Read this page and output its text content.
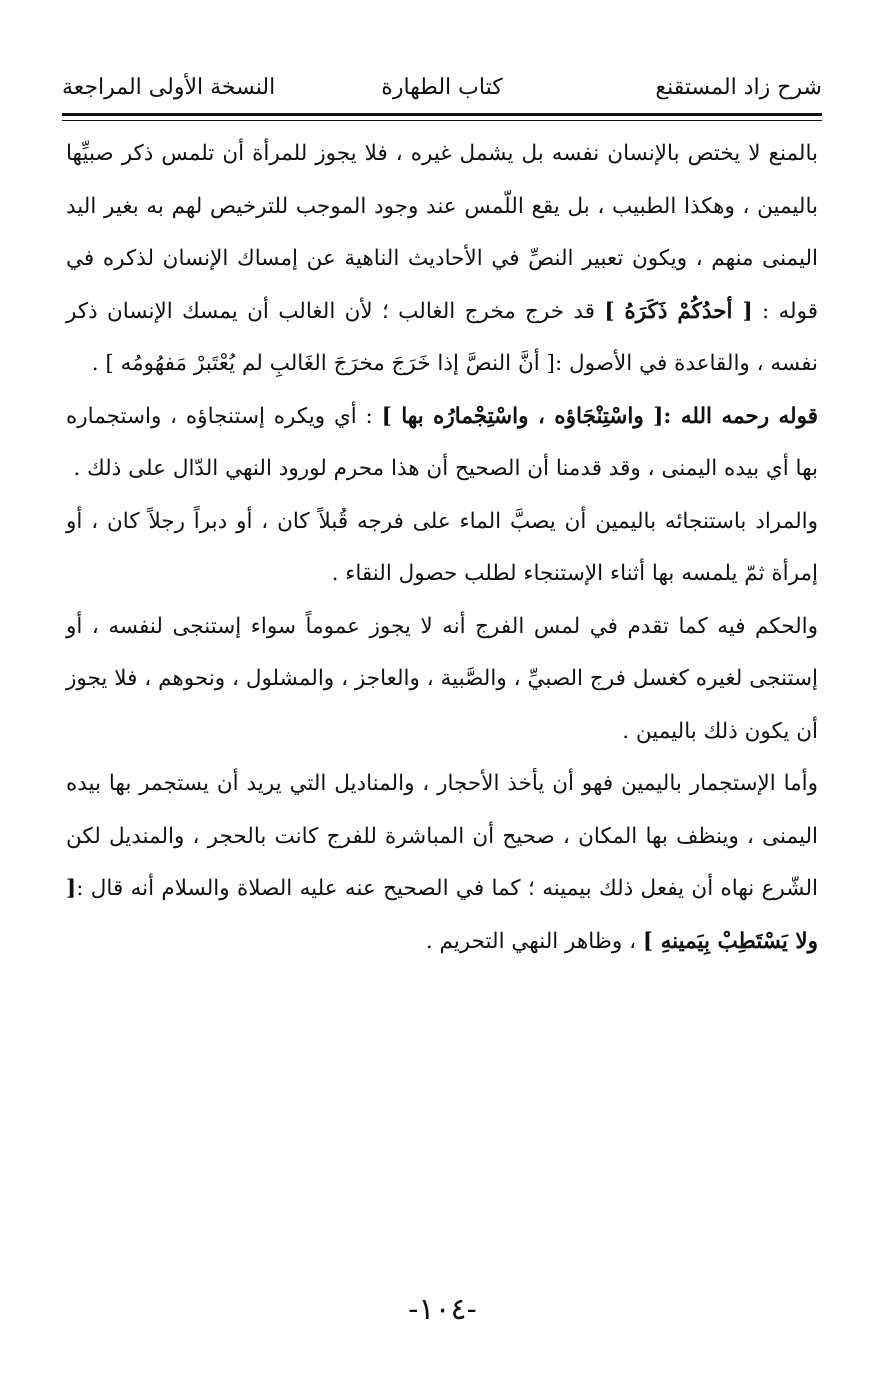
شرح زاد المستقنع
كتاب الطهارة
النسخة الأولى المراجعة

بالمنع لا يختص بالإنسان نفسه بل يشمل غيره ، فلا يجوز للمرأة أن تلمس ذكر صبيِّها باليمين ، وهكذا الطبيب ، بل يقع اللّمس عند وجود الموجب للترخيص لهم به بغير اليد اليمنى منهم ، ويكون تعبير النصِّ في الأحاديث الناهية عن إمساك الإنسان لذكره في قوله : [ أحدُكُمْ ذَكَرَهُ ] قد خرج مخرج الغالب ؛ لأن الغالب أن يمسك الإنسان ذكر نفسه ، والقاعدة في الأصول :[ أنَّ النصَّ إذا خَرَجَ مخرَجَ الغَالبِ لم يُعْتَبرْ مَفهُومُه ] .

قوله رحمه الله :[ واسْتِنْجَاؤه ، واسْتِجْمارُه بها ] : أي ويكره إستنجاؤه ، واستجماره بها أي بيده اليمنى ، وقد قدمنا أن الصحيح أن هذا محرم لورود النهي الدّال على ذلك .

والمراد باستنجائه باليمين أن يصبَّ الماء على فرجه قُبلاً كان ، أو دبراً رجلاً كان ، أو إمرأة ثمّ يلمسه بها أثناء الإستنجاء لطلب حصول النقاء .

والحكم فيه كما تقدم في لمس الفرج أنه لا يجوز عموماً سواء إستنجى لنفسه ، أو إستنجى لغيره كغسل فرج الصبيِّ ، والصَّبية ، والعاجز ، والمشلول ، ونحوهم ، فلا يجوز أن يكون ذلك باليمين .

وأما الإستجمار باليمين فهو أن يأخذ الأحجار ، والمناديل التي يريد أن يستجمر بها بيده اليمنى ، وينظف بها المكان ، صحيح أن المباشرة للفرج كانت بالحجر ، والمنديل لكن الشّرع نهاه أن يفعل ذلك بيمينه ؛ كما في الصحيح عنه عليه الصلاة والسلام أنه قال :[ ولا يَسْتَطِبْ بِيَمينهِ ] ، وظاهر النهي التحريم .

-١٠٤-
